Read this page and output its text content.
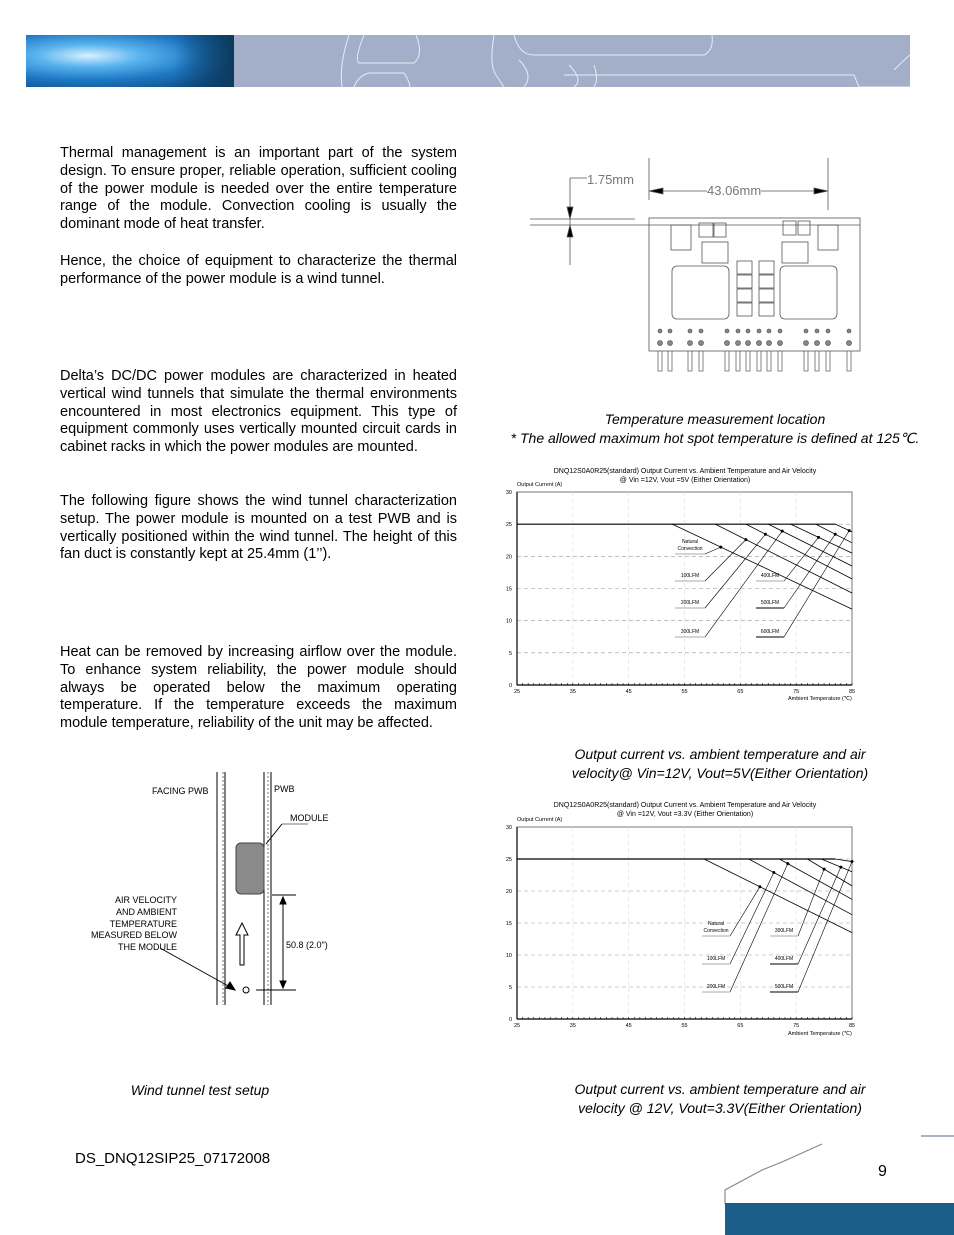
Thermal management is an important part of the system design. To ensure proper, reliable operation, sufficient cooling of the power module is needed over the entire temperature range of the module. Convection cooling is usually the dominant mode of heat transfer.
Hence, the choice of equipment to characterize the thermal performance of the power module is a wind tunnel.
Delta’s DC/DC power modules are characterized in heated vertical wind tunnels that simulate the thermal environments encountered in most electronics equipment. This type of equipment commonly uses vertically mounted circuit cards in cabinet racks in which the power modules are mounted.
The following figure shows the wind tunnel characterization setup. The power module is mounted on a test PWB and is vertically positioned within the wind tunnel. The height of this fan duct is constantly kept at 25.4mm (1’’).
Heat can be removed by increasing airflow over the module. To enhance system reliability, the power module should always be operated below the maximum operating temperature. If the temperature exceeds the maximum module temperature, reliability of the unit may be affected.
FACING PWB	PWB
MODULE
AIR VELOCITY
AND AMBIENT
TEMPERATURE
MEASURED BELOW
THE MODULE	50.8 (2.0")
Wind tunnel test setup
1.75mm
43.06mm
Temperature measurement location
* The allowed maximum hot spot temperature is defined at 125℃.
DNQ12S0A0R25(standard) Output Current vs. Ambient Temperature and Air Velocity
@ Vin =12V, Vout =5V (Either Orientation)
Output Current (A)
Ambient Temperature (℃)
0
5
10
15
20
25
30
25	35	45	55	65	75	85
Natural
Convection
100LFM
200LFM
300LFM
400LFM
500LFM
600LFM
Output current vs. ambient temperature and air
velocity@ Vin=12V, Vout=5V(Either Orientation)
DNQ12S0A0R25(standard) Output Current vs. Ambient Temperature and Air Velocity
@ Vin =12V, Vout =3.3V (Either Orientation)
Output Current (A)
Ambient Temperature (℃)
0
5
10
15
20
25
30
25	35	45	55	65	75	85
Natural
Convection
100LFM
200LFM
300LFM
400LFM
500LFM
Output current vs. ambient temperature and air
velocity @ 12V, Vout=3.3V(Either Orientation)
DS_DNQ12SIP25_07172008
9
